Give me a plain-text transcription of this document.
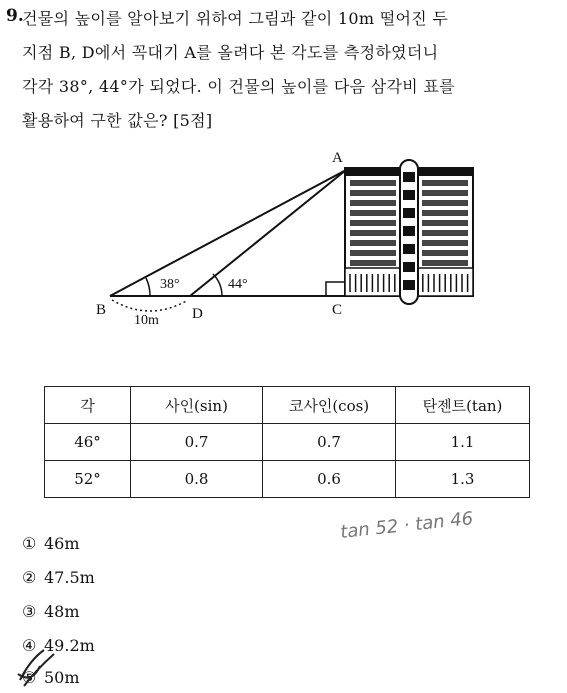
9.
건물의 높이를 알아보기 위하여 그림과 같이 10m 떨어진 두
지점 B, D에서 꼭대기 A를 올려다 본 각도를 측정하였더니
각각 38°, 44°가 되었다. 이 건물의 높이를 다음 삼각비 표를
활용하여 구한 값은? [5점]
A
B	C
D
38°	44°
10m
각	사인(sin)	코사인(cos)	탄젠트(tan)
46°	0.7	0.7	1.1
52°	0.8	0.6	1.3
① 46m
② 47.5m
③ 48m
④ 49.2m
⑤ 50m
tan 52 · tan 46
